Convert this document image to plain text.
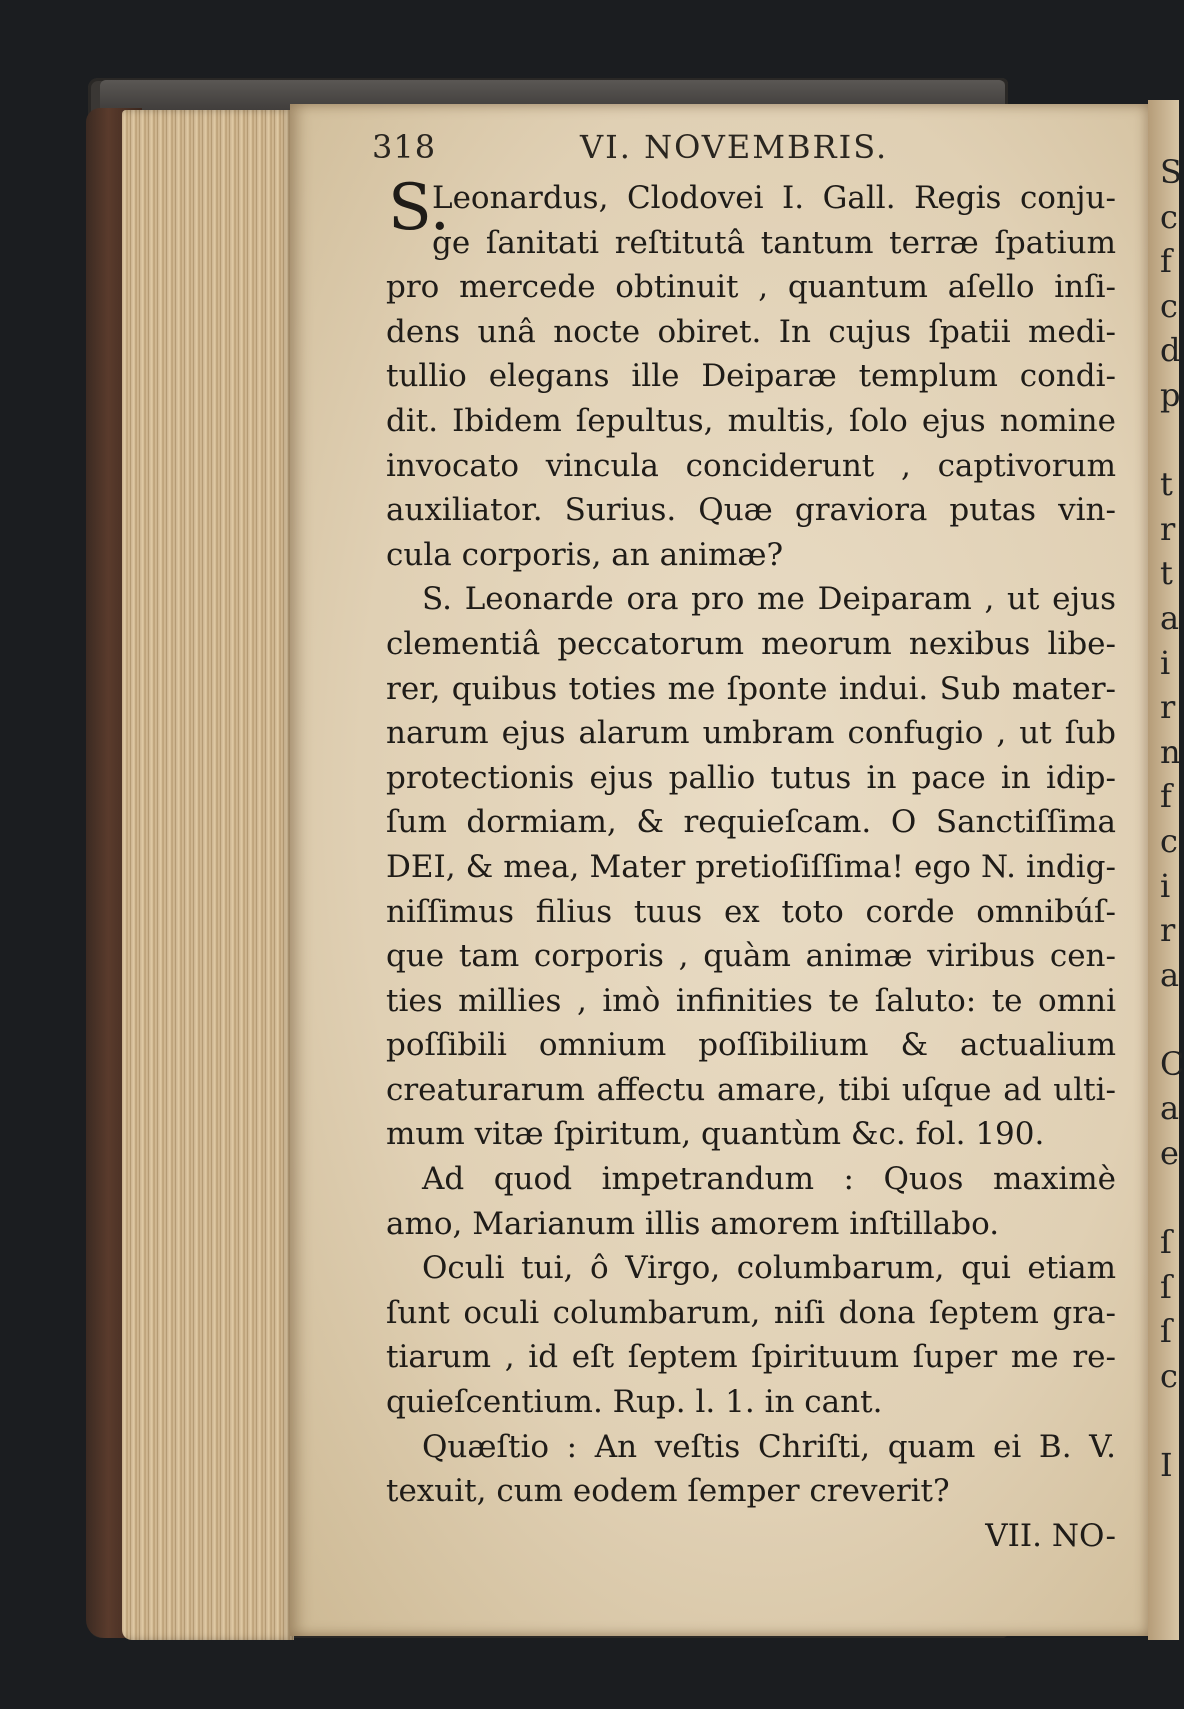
S
c
f
c
d
p
t
r
t
a
i
r
n
f
c
i
r
a
C
a
e
ſ
ſ
ſ
c
I
318	VI. NOVEMBRIS.
S.
Leonardus, Clodovei I. Gall. Regis conju-
ge ſanitati reſtitutâ tantum terræ ſpatium
pro mercede obtinuit , quantum aſello inſi-
dens unâ nocte obiret. In cujus ſpatii medi-
tullio elegans ille Deiparæ templum condi-
dit. Ibidem ſepultus, multis, ſolo ejus nomine
invocato vincula conciderunt , captivorum
auxiliator. Surius. Quæ graviora putas vin-
cula corporis, an animæ?
S. Leonarde ora pro me Deiparam , ut ejus
clementiâ peccatorum meorum nexibus libe-
rer, quibus toties me ſponte indui. Sub mater-
narum ejus alarum umbram confugio , ut ſub
protectionis ejus pallio tutus in pace in idip-
ſum dormiam, & requieſcam. O Sanctiſſima
DEI, & mea, Mater pretioſiſſima! ego N. indig-
niſſimus filius tuus ex toto corde omnibúſ-
que tam corporis , quàm animæ viribus cen-
ties millies , imò infinities te ſaluto: te omni
poſſibili omnium poſſibilium & actualium
creaturarum affectu amare, tibi uſque ad ulti-
mum vitæ ſpiritum, quantùm &c. fol. 190.
Ad quod impetrandum : Quos maximè
amo, Marianum illis amorem inſtillabo.
Oculi tui, ô Virgo, columbarum, qui etiam
ſunt oculi columbarum, niſi dona ſeptem gra-
tiarum , id eſt ſeptem ſpirituum ſuper me re-
quieſcentium. Rup. l. 1. in cant.
Quæſtio : An veſtis Chriſti, quam ei B. V.
texuit, cum eodem ſemper creverit?
VII. NO-
